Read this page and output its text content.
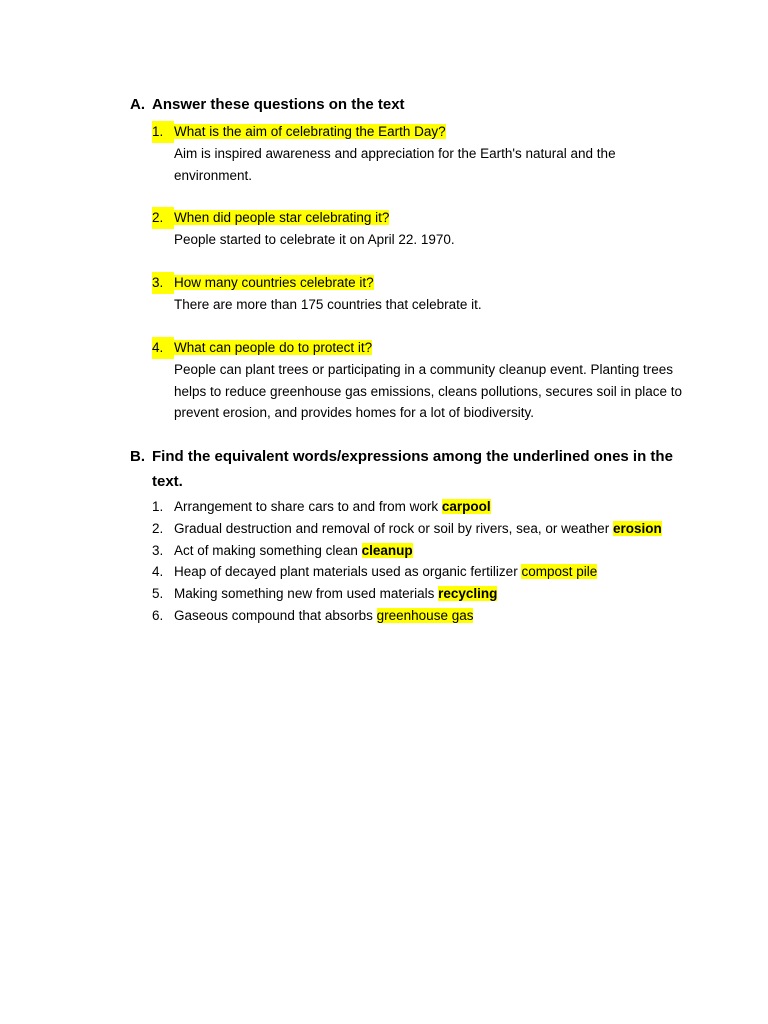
A. Answer these questions on the text
1. What is the aim of celebrating the Earth Day?
Aim is inspired awareness and appreciation for the Earth's natural and the environment.
2. When did people star celebrating it?
People started to celebrate it on April 22. 1970.
3. How many countries celebrate it?
There are more than 175 countries that celebrate it.
4. What can people do to protect it?
People can plant trees or participating in a community cleanup event. Planting trees helps to reduce greenhouse gas emissions, cleans pollutions, secures soil in place to prevent erosion, and provides homes for a lot of biodiversity.
B. Find the equivalent words/expressions among the underlined ones in the text.
1. Arrangement to share cars to and from work carpool
2. Gradual destruction and removal of rock or soil by rivers, sea, or weather erosion
3. Act of making something clean cleanup
4. Heap of decayed plant materials used as organic fertilizer compost pile
5. Making something new from used materials recycling
6. Gaseous compound that absorbs greenhouse gas
